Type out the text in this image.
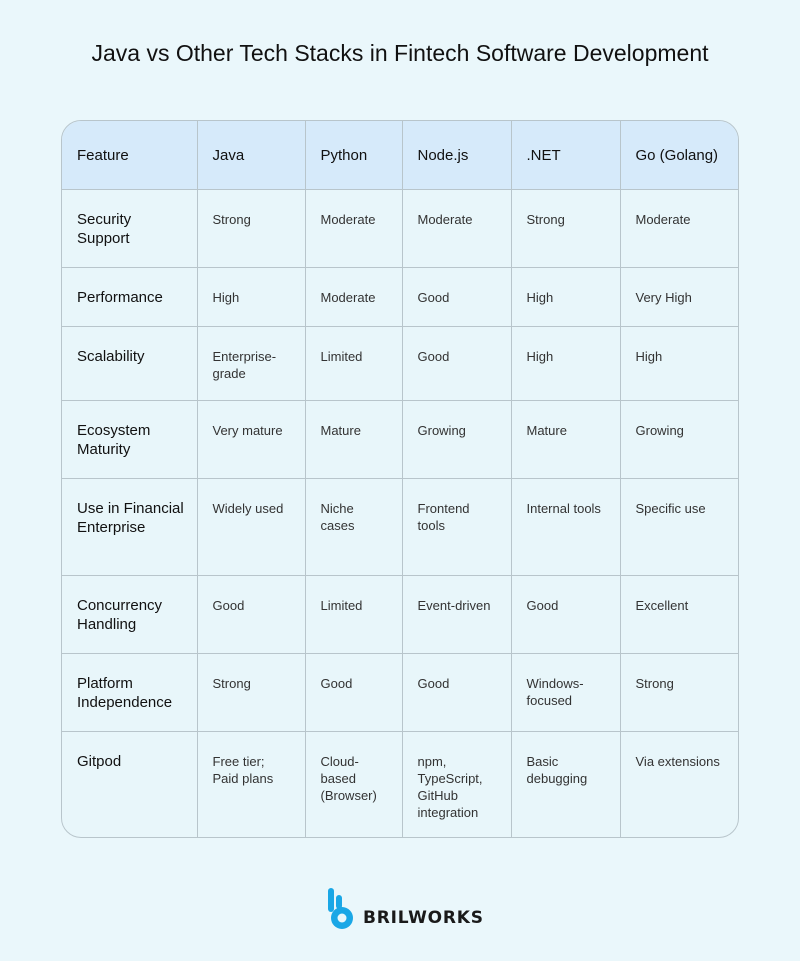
Java vs Other Tech Stacks in Fintech Software Development
Feature	Java	Python	Node.js	.NET	Go (Golang)
Security Support	Strong	Moderate	Moderate	Strong	Moderate
Performance	High	Moderate	Good	High	Very High
Scalability	Enterprise-grade	Limited	Good	High	High
Ecosystem Maturity	Very mature	Mature	Growing	Mature	Growing
Use in Financial Enterprise	Widely used	Niche cases	Frontend tools	Internal tools	Specific use
Concurrency Handling	Good	Limited	Event-driven	Good	Excellent
Platform Independence	Strong	Good	Good	Windows-focused	Strong
Gitpod	Free tier; Paid plans	Cloud-based (Browser)	npm, TypeScript, GitHub integration	Basic debugging	Via extensions
BRILWORKS
